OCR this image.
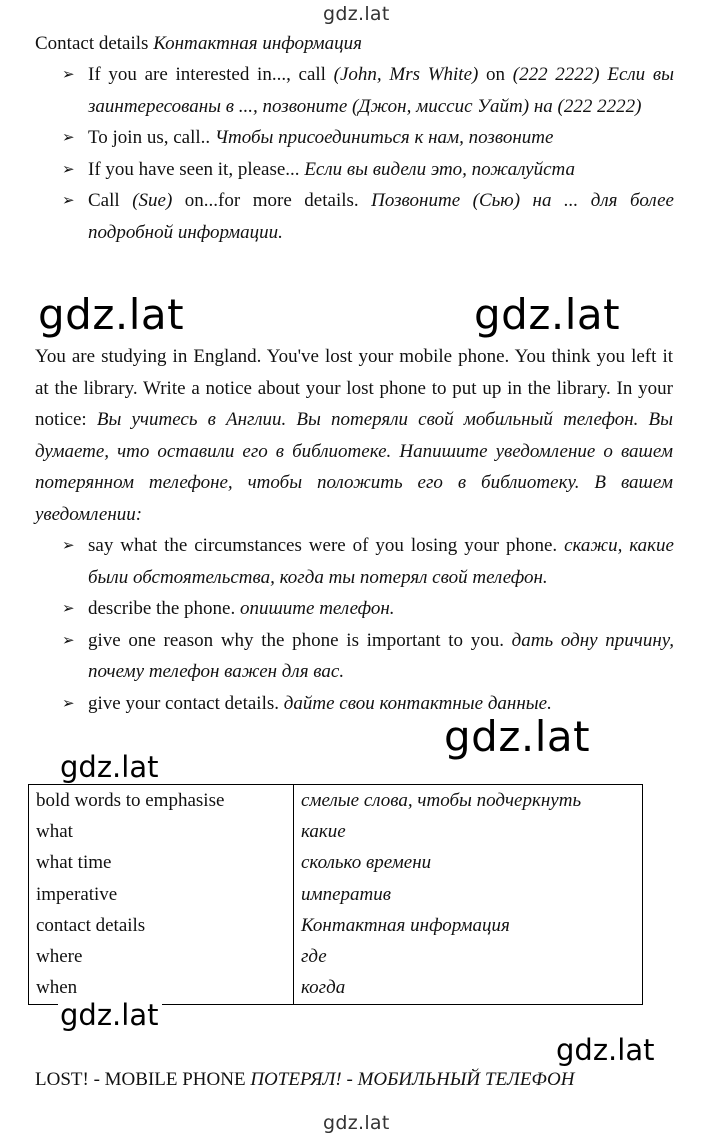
gdz.lat
Contact details Контактная информация
➢ If you are interested in..., call (John, Mrs White) on (222 2222) Если вы заинтересованы в ..., позвоните (Джон, миссис Уайт) на (222 2222)
➢ To join us, call.. Чтобы присоединиться к нам, позвоните
➢ If you have seen it, please... Если вы видели это, пожалуйста
➢ Call (Sue) on...for more details. Позвоните (Сью) на ... для более подробной информации.
gdz.lat	gdz.lat
You are studying in England. You've lost your mobile phone. You think you left it at the library. Write a notice about your lost phone to put up in the library. In your notice: Вы учитесь в Англии. Вы потеряли свой мобильный телефон. Вы думаете, что оставили его в библиотеке. Напишите уведомление о вашем потерянном телефоне, чтобы положить его в библиотеку. В вашем уведомлении:
➢ say what the circumstances were of you losing your phone. скажи, какие были обстоятельства, когда ты потерял свой телефон.
➢ describe the phone. опишите телефон.
➢ give one reason why the phone is important to you. дать одну причину, почему телефон важен для вас.
➢ give your contact details. дайте свои контактные данные.
gdz.lat
bold words to emphasise	смелые слова, чтобы подчеркнуть
what	какие
what time	сколько времени
imperative	императив
contact details	Контактная информация
where	где
when	когда
gdz.lat
gdz.lat
gdz.lat
LOST! - MOBILE PHONE ПОТЕРЯЛ! - МОБИЛЬНЫЙ ТЕЛЕФОН
gdz.lat
